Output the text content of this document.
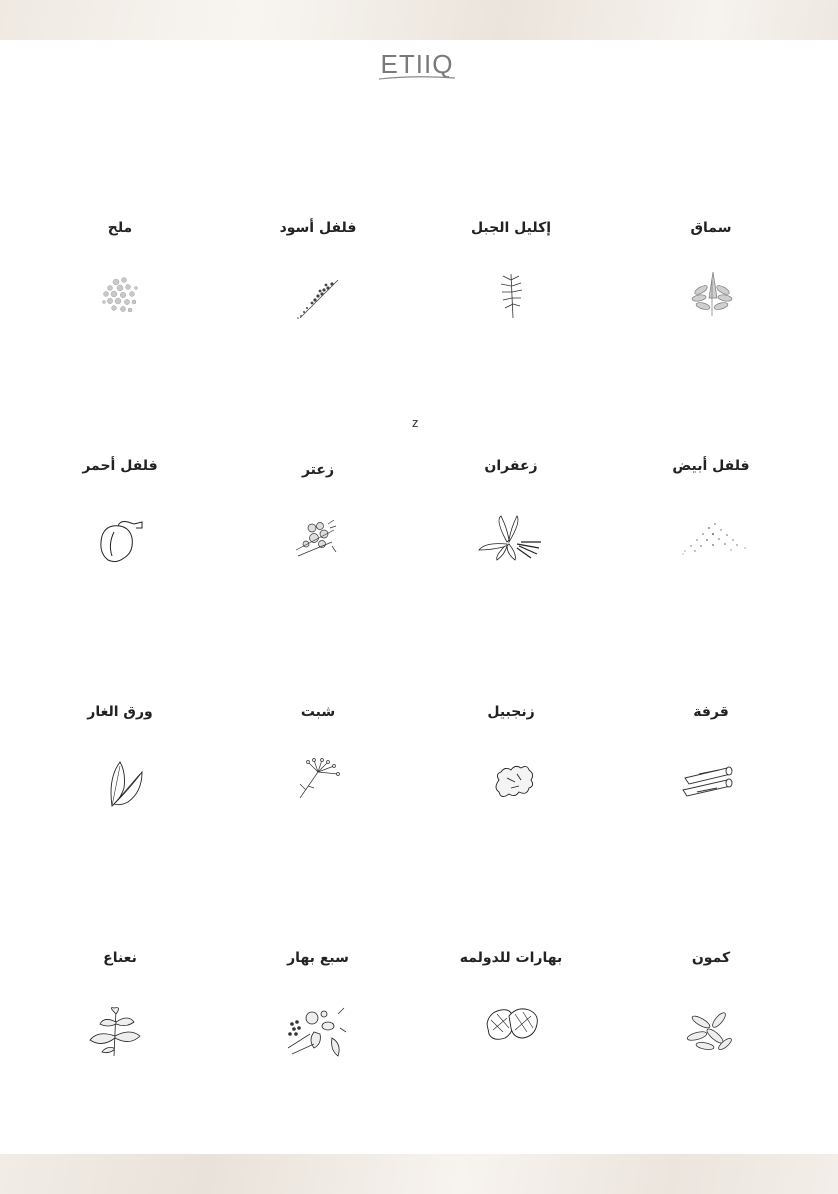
ETIIQ
z
سماق
إكليل الجبل
فلفل أسود
ملح
فلفل أبيض
زعفران
زعتر
فلفل أحمر
قرفة
زنجبيل
شبت
ورق الغار
كمون
بهارات للدولمه
سبع بهار
نعناع
